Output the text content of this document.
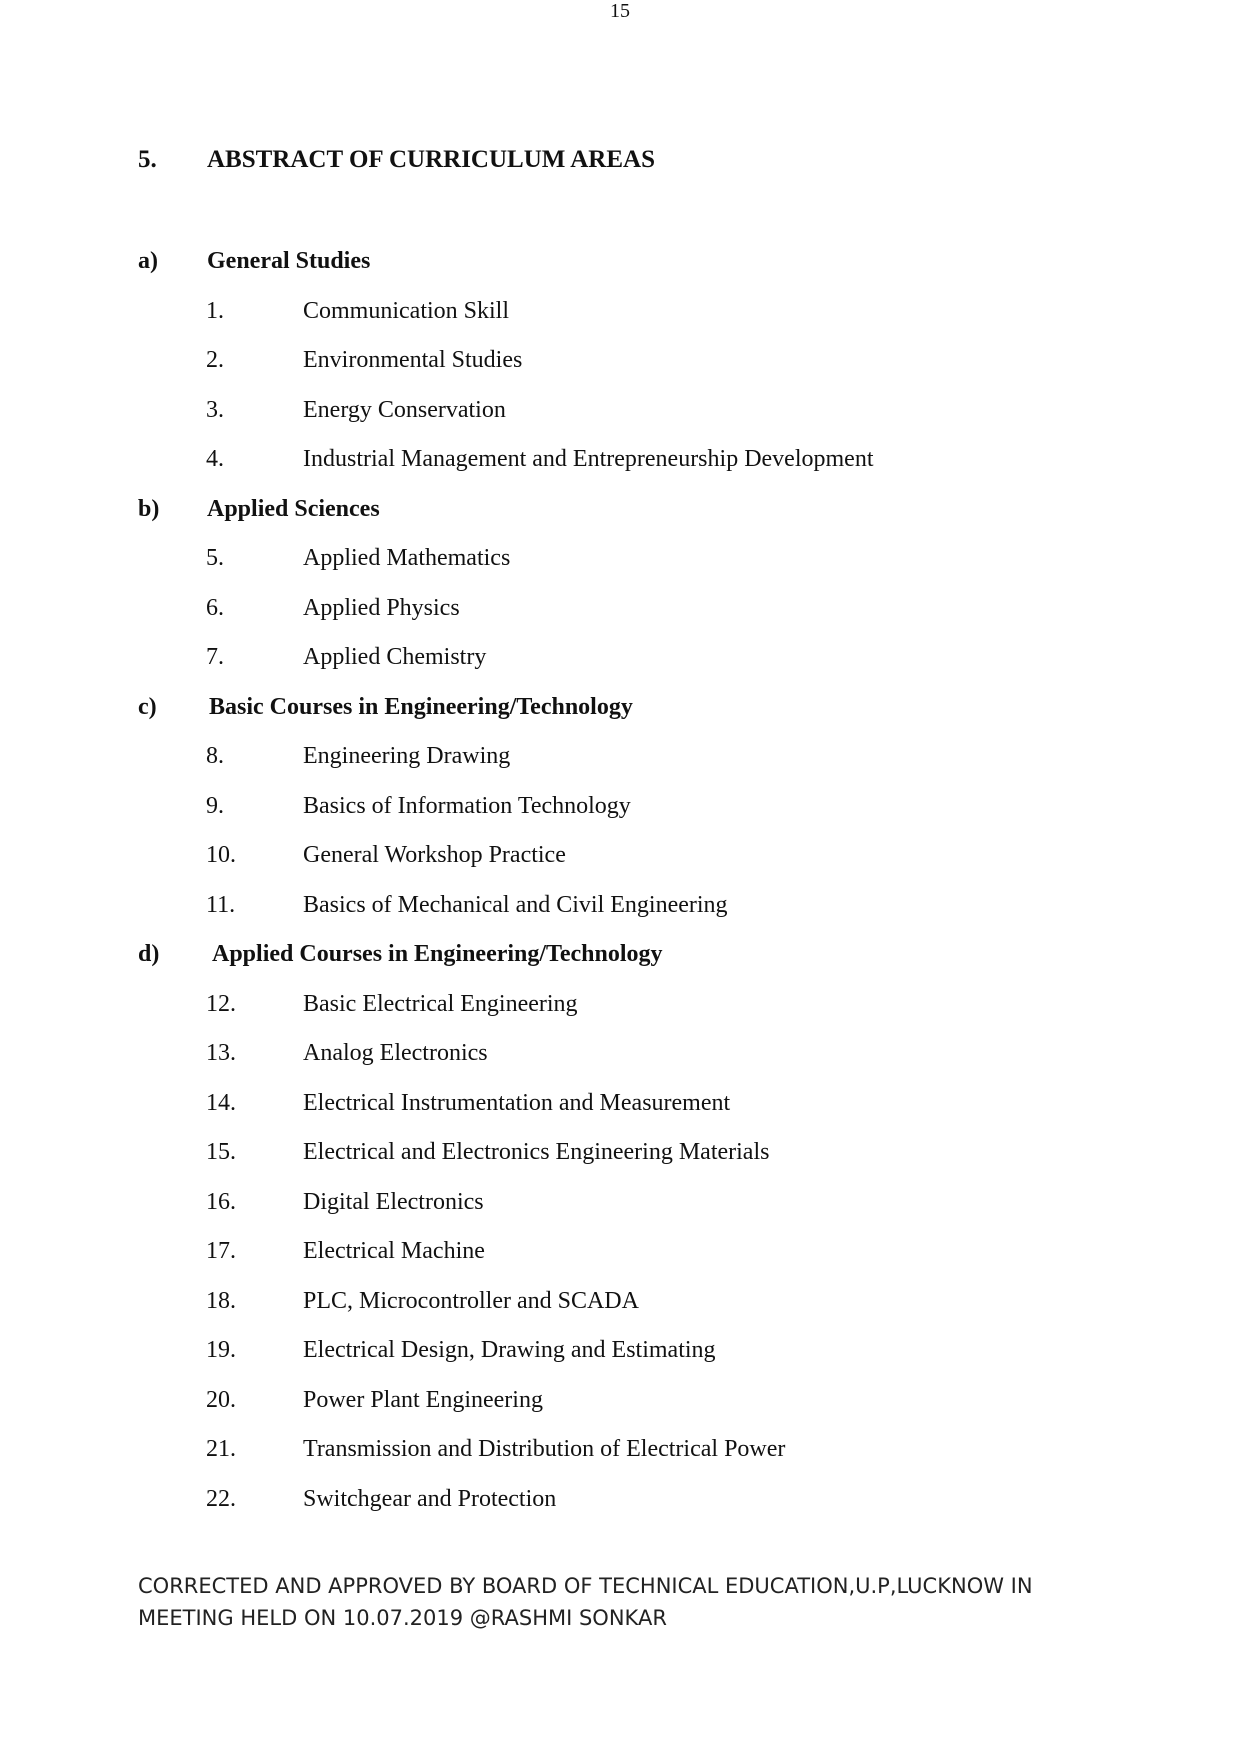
15
5. ABSTRACT OF CURRICULUM AREAS
a) General Studies
1.	Communication Skill
2.	Environmental Studies
3.	Energy Conservation
4.	Industrial Management and Entrepreneurship Development
b) Applied Sciences
5.	Applied Mathematics
6.	Applied Physics
7.	Applied Chemistry
c) Basic Courses in Engineering/Technology
8.	Engineering Drawing
9.	Basics of Information Technology
10.	General Workshop Practice
11.	Basics of Mechanical and Civil Engineering
d) Applied Courses in Engineering/Technology
12.	Basic Electrical Engineering
13.	Analog Electronics
14.	Electrical Instrumentation and Measurement
15.	Electrical and Electronics Engineering Materials
16.	Digital Electronics
17.	Electrical Machine
18.	PLC, Microcontroller and SCADA
19.	Electrical Design, Drawing and Estimating
20.	Power Plant Engineering
21.	Transmission and Distribution of Electrical Power
22.	Switchgear and Protection
CORRECTED AND APPROVED BY BOARD OF TECHNICAL EDUCATION,U.P,LUCKNOW IN
MEETING HELD ON 10.07.2019 @RASHMI SONKAR
